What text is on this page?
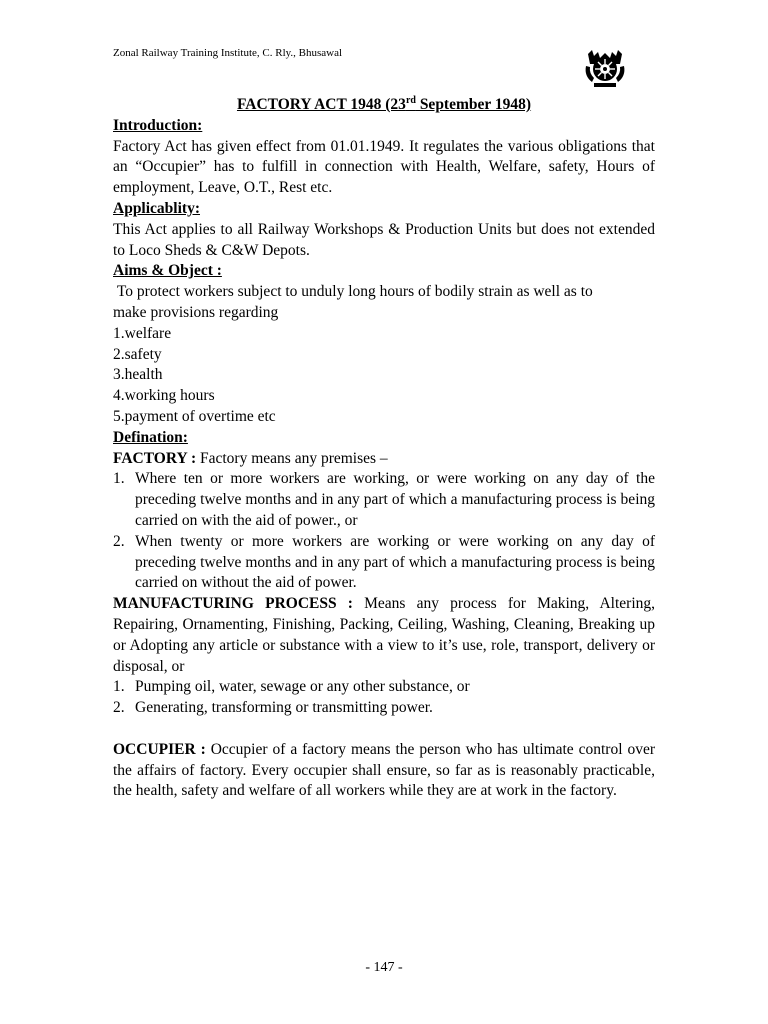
Zonal Railway Training Institute, C. Rly., Bhusawal

FACTORY ACT 1948 (23rd September 1948)

Introduction:

Factory Act has given effect from 01.01.1949. It regulates the various obligations that an “Occupier” has to fulfill in connection with Health, Welfare, safety, Hours of employment, Leave, O.T., Rest etc.

Applicablity:

This Act applies to all Railway Workshops & Production Units but does not extended to Loco Sheds & C&W Depots.

Aims & Object :

To protect workers subject to unduly long hours of bodily strain as well as to make provisions regarding

1.welfare

2.safety

3.health

4.working hours

5.payment of overtime etc

Defination:

FACTORY : Factory means any premises –

1. Where ten or more workers are working, or were working on any day of the preceding twelve months and in any part of which a manufacturing process is being carried on with the aid of power., or
2. When twenty or more workers are working or were working on any day of preceding twelve months and in any part of which a manufacturing process is being carried on without the aid of power.

MANUFACTURING PROCESS : Means any process for Making, Altering, Repairing, Ornamenting, Finishing, Packing, Ceiling, Washing, Cleaning, Breaking up or Adopting any article or substance with a view to it’s use, role, transport, delivery or disposal, or

1. Pumping oil, water, sewage or any other substance, or
2. Generating, transforming or transmitting power.

OCCUPIER : Occupier of a factory means the person who has ultimate control over the affairs of factory. Every occupier shall ensure, so far as is reasonably practicable, the health, safety and welfare of all workers while they are at work in the factory.

- 147 -
